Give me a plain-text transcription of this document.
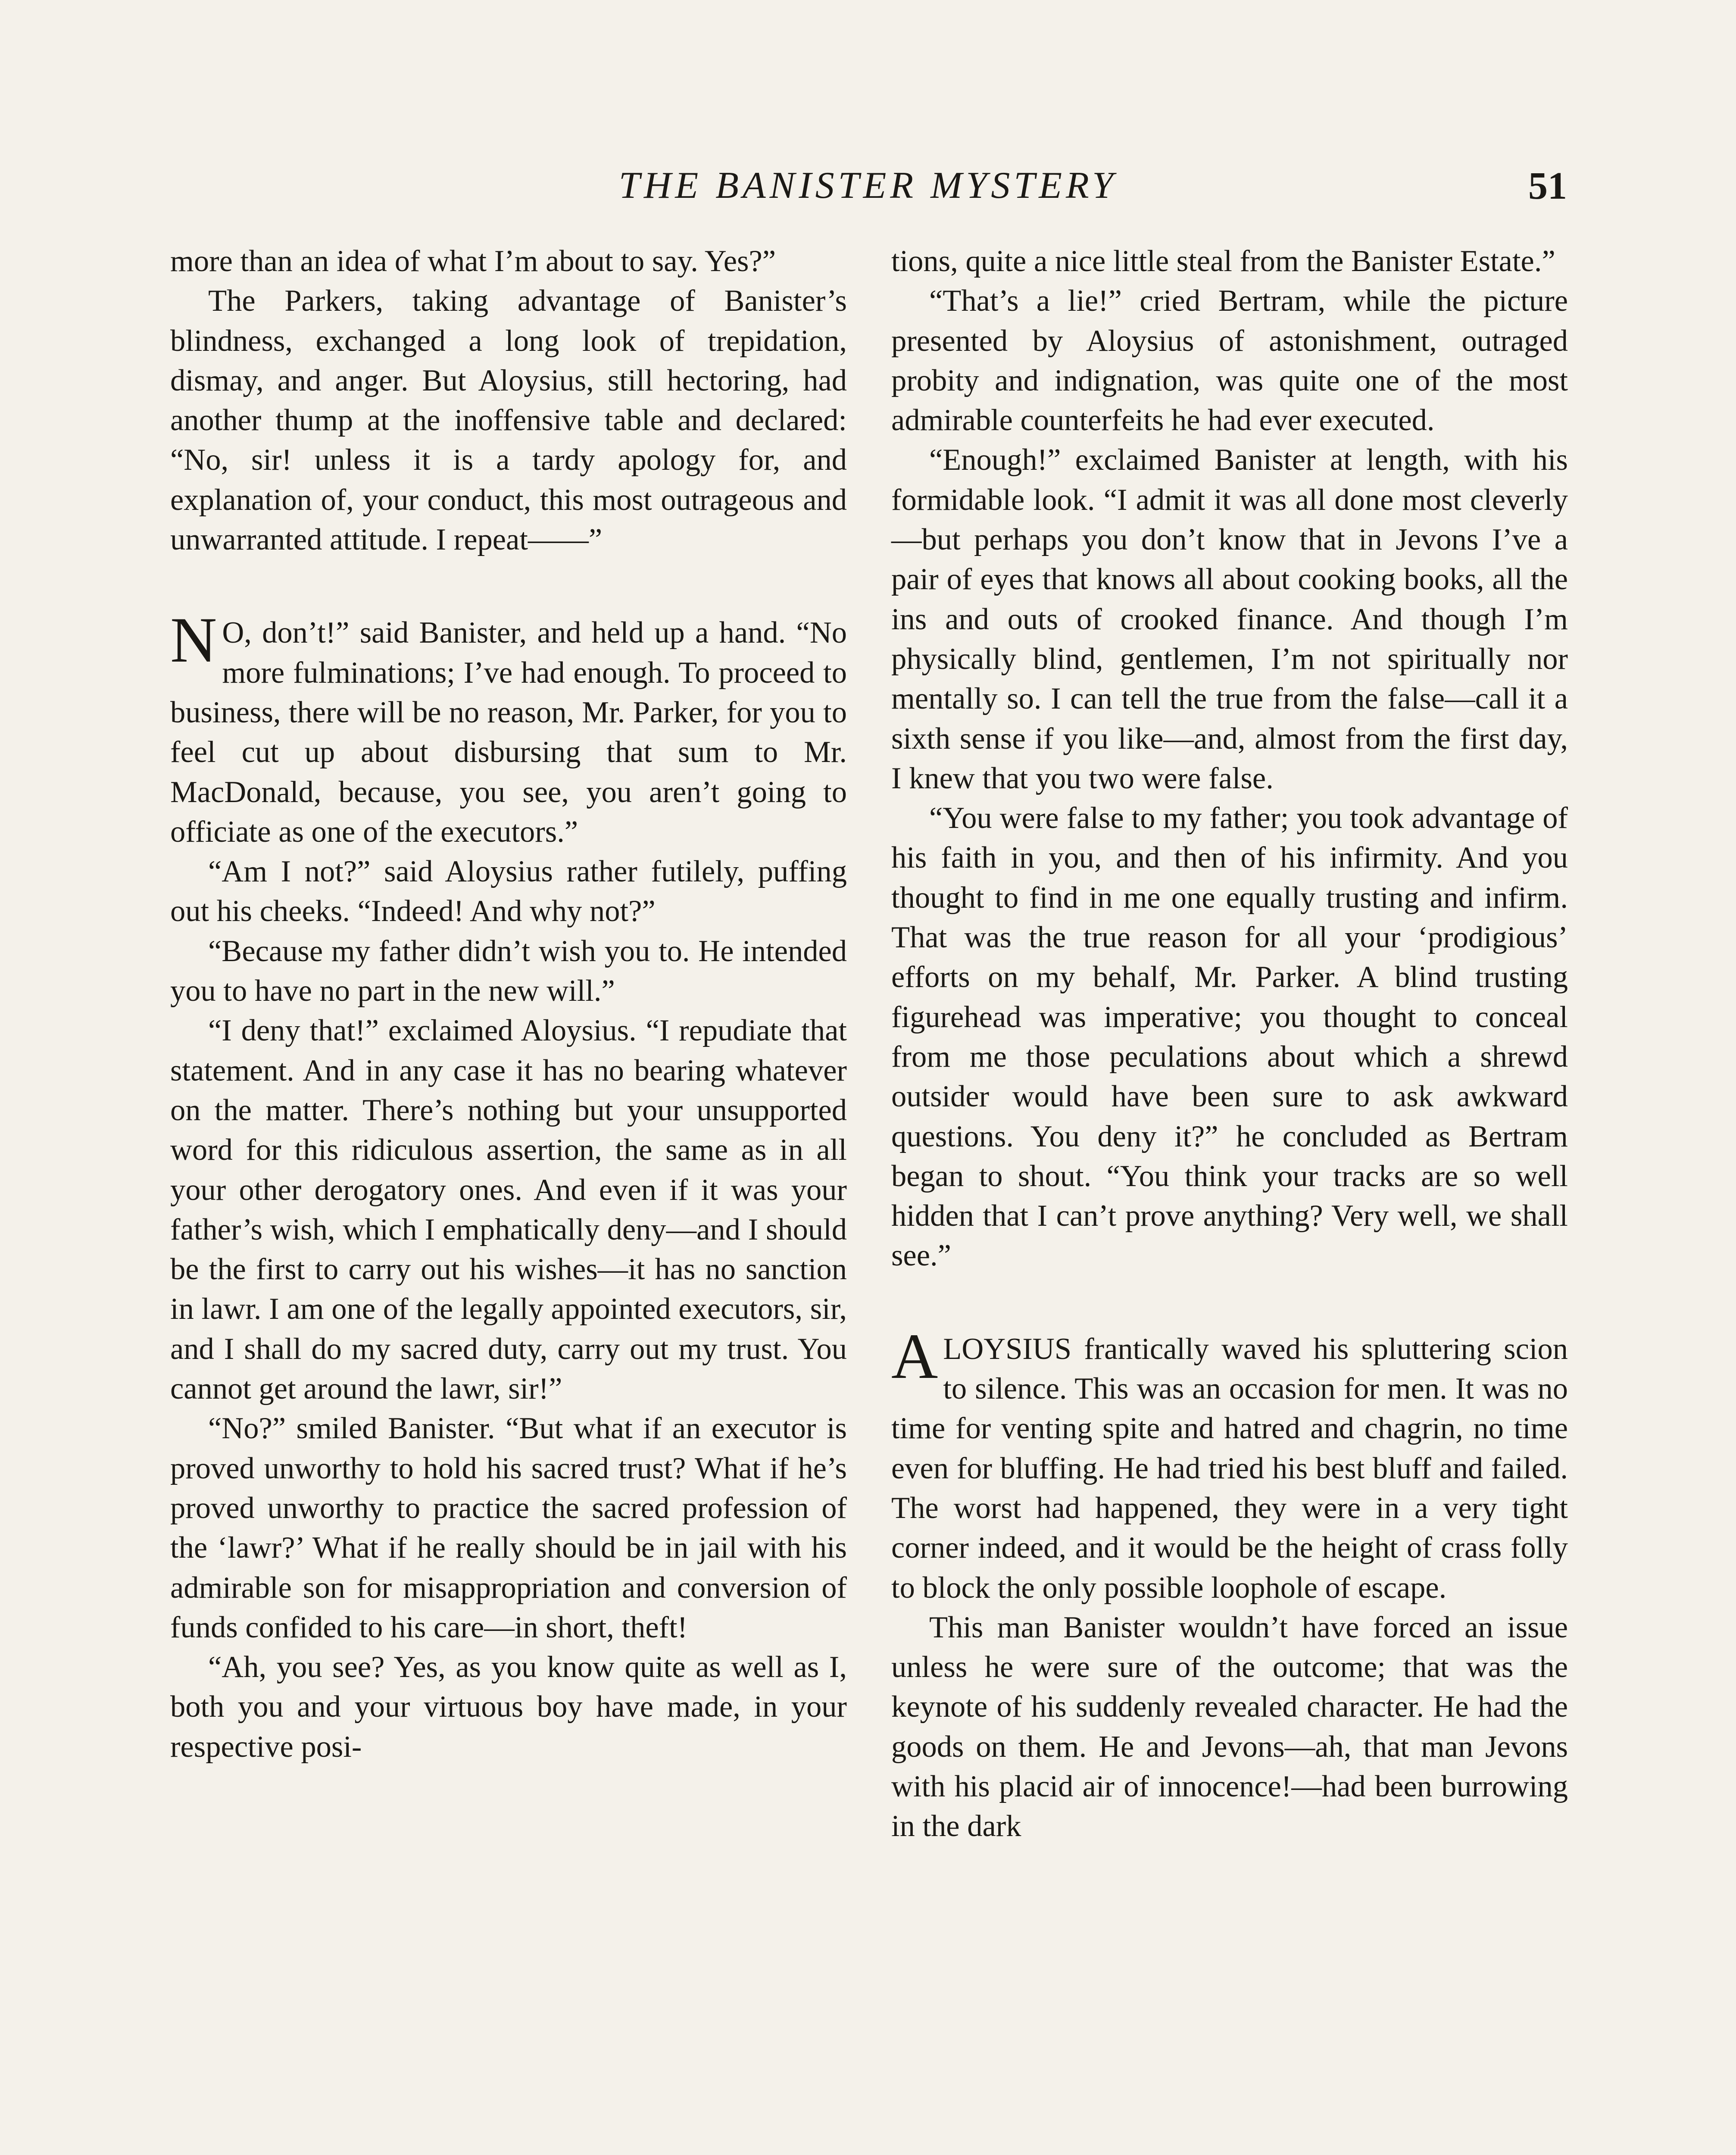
THE BANISTER MYSTERY	51

more than an idea of what I’m about to say. Yes?”

The Parkers, taking advantage of Banister’s blindness, exchanged a long look of trepidation, dismay, and anger. But Aloysius, still hectoring, had another thump at the inoffensive table and declared: “No, sir! unless it is a tardy apology for, and explanation of, your conduct, this most outrageous and unwarranted attitude. I repeat——”

N O, don’t!” said Banister, and held up a hand. “No more fulminations; I’ve had enough. To proceed to business, there will be no reason, Mr. Parker, for you to feel cut up about disbursing that sum to Mr. MacDonald, because, you see, you aren’t going to officiate as one of the executors.”

“Am I not?” said Aloysius rather futilely, puffing out his cheeks. “Indeed! And why not?”

“Because my father didn’t wish you to. He intended you to have no part in the new will.”

“I deny that!” exclaimed Aloysius. “I repudiate that statement. And in any case it has no bearing whatever on the matter. There’s nothing but your unsupported word for this ridiculous assertion, the same as in all your other derogatory ones. And even if it was your father’s wish, which I emphatically deny—and I should be the first to carry out his wishes—it has no sanction in lawr. I am one of the legally appointed executors, sir, and I shall do my sacred duty, carry out my trust. You cannot get around the lawr, sir!”

“No?” smiled Banister. “But what if an executor is proved unworthy to hold his sacred trust? What if he’s proved unworthy to practice the sacred profession of the ‘lawr?’ What if he really should be in jail with his admirable son for misappropriation and conversion of funds confided to his care—in short, theft!

“Ah, you see? Yes, as you know quite as well as I, both you and your virtuous boy have made, in your respective posi-

tions, quite a nice little steal from the Banister Estate.”

“That’s a lie!” cried Bertram, while the picture presented by Aloysius of astonishment, outraged probity and indignation, was quite one of the most admirable counterfeits he had ever executed.

“Enough!” exclaimed Banister at length, with his formidable look. “I admit it was all done most cleverly—but perhaps you don’t know that in Jevons I’ve a pair of eyes that knows all about cooking books, all the ins and outs of crooked finance. And though I’m physically blind, gentlemen, I’m not spiritually nor mentally so. I can tell the true from the false—call it a sixth sense if you like—and, almost from the first day, I knew that you two were false.

“You were false to my father; you took advantage of his faith in you, and then of his infirmity. And you thought to find in me one equally trusting and infirm. That was the true reason for all your ‘prodigious’ efforts on my behalf, Mr. Parker. A blind trusting figurehead was imperative; you thought to conceal from me those peculations about which a shrewd outsider would have been sure to ask awkward questions. You deny it?” he concluded as Bertram began to shout. “You think your tracks are so well hidden that I can’t prove anything? Very well, we shall see.”

ALOYSIUS frantically waved his spluttering scion to silence. This was an occasion for men. It was no time for venting spite and hatred and chagrin, no time even for bluffing. He had tried his best bluff and failed. The worst had happened, they were in a very tight corner indeed, and it would be the height of crass folly to block the only possible loophole of escape.

This man Banister wouldn’t have forced an issue unless he were sure of the outcome; that was the keynote of his suddenly revealed character. He had the goods on them. He and Jevons—ah, that man Jevons with his placid air of innocence!—had been burrowing in the dark
